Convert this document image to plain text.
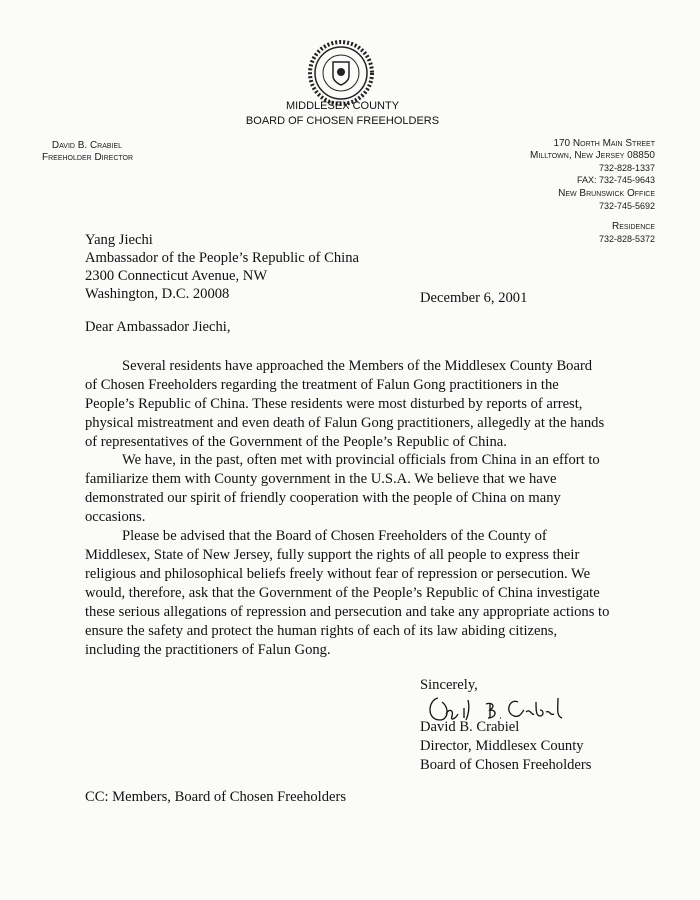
MIDDLESEX COUNTY
BOARD OF CHOSEN FREEHOLDERS
David B. Crabiel
Freeholder Director
170 North Main Street
Milltown, New Jersey 08850
732-828-1337
FAX: 732-745-9643
New Brunswick Office
732-745-5692
Residence
732-828-5372
Yang Jiechi
Ambassador of the People’s Republic of China
2300 Connecticut Avenue, NW
Washington, D.C. 20008	December 6, 2001
Dear Ambassador Jiechi,
Several residents have approached the Members of the Middlesex County Board
of Chosen Freeholders regarding the treatment of Falun Gong practitioners in the
People’s Republic of China. These residents were most disturbed by reports of arrest,
physical mistreatment and even death of Falun Gong practitioners, allegedly at the hands
of representatives of the Government of the People’s Republic of China.
We have, in the past, often met with provincial officials from China in an effort to
familiarize them with County government in the U.S.A. We believe that we have
demonstrated our spirit of friendly cooperation with the people of China on many
occasions.
Please be advised that the Board of Chosen Freeholders of the County of
Middlesex, State of New Jersey, fully support the rights of all people to express their
religious and philosophical beliefs freely without fear of repression or persecution. We
would, therefore, ask that the Government of the People’s Republic of China investigate
these serious allegations of repression and persecution and take any appropriate actions to
ensure the safety and protect the human rights of each of its law abiding citizens,
including the practitioners of Falun Gong.
Sincerely,
David B. Crabiel
Director, Middlesex County
Board of Chosen Freeholders
CC: Members, Board of Chosen Freeholders
